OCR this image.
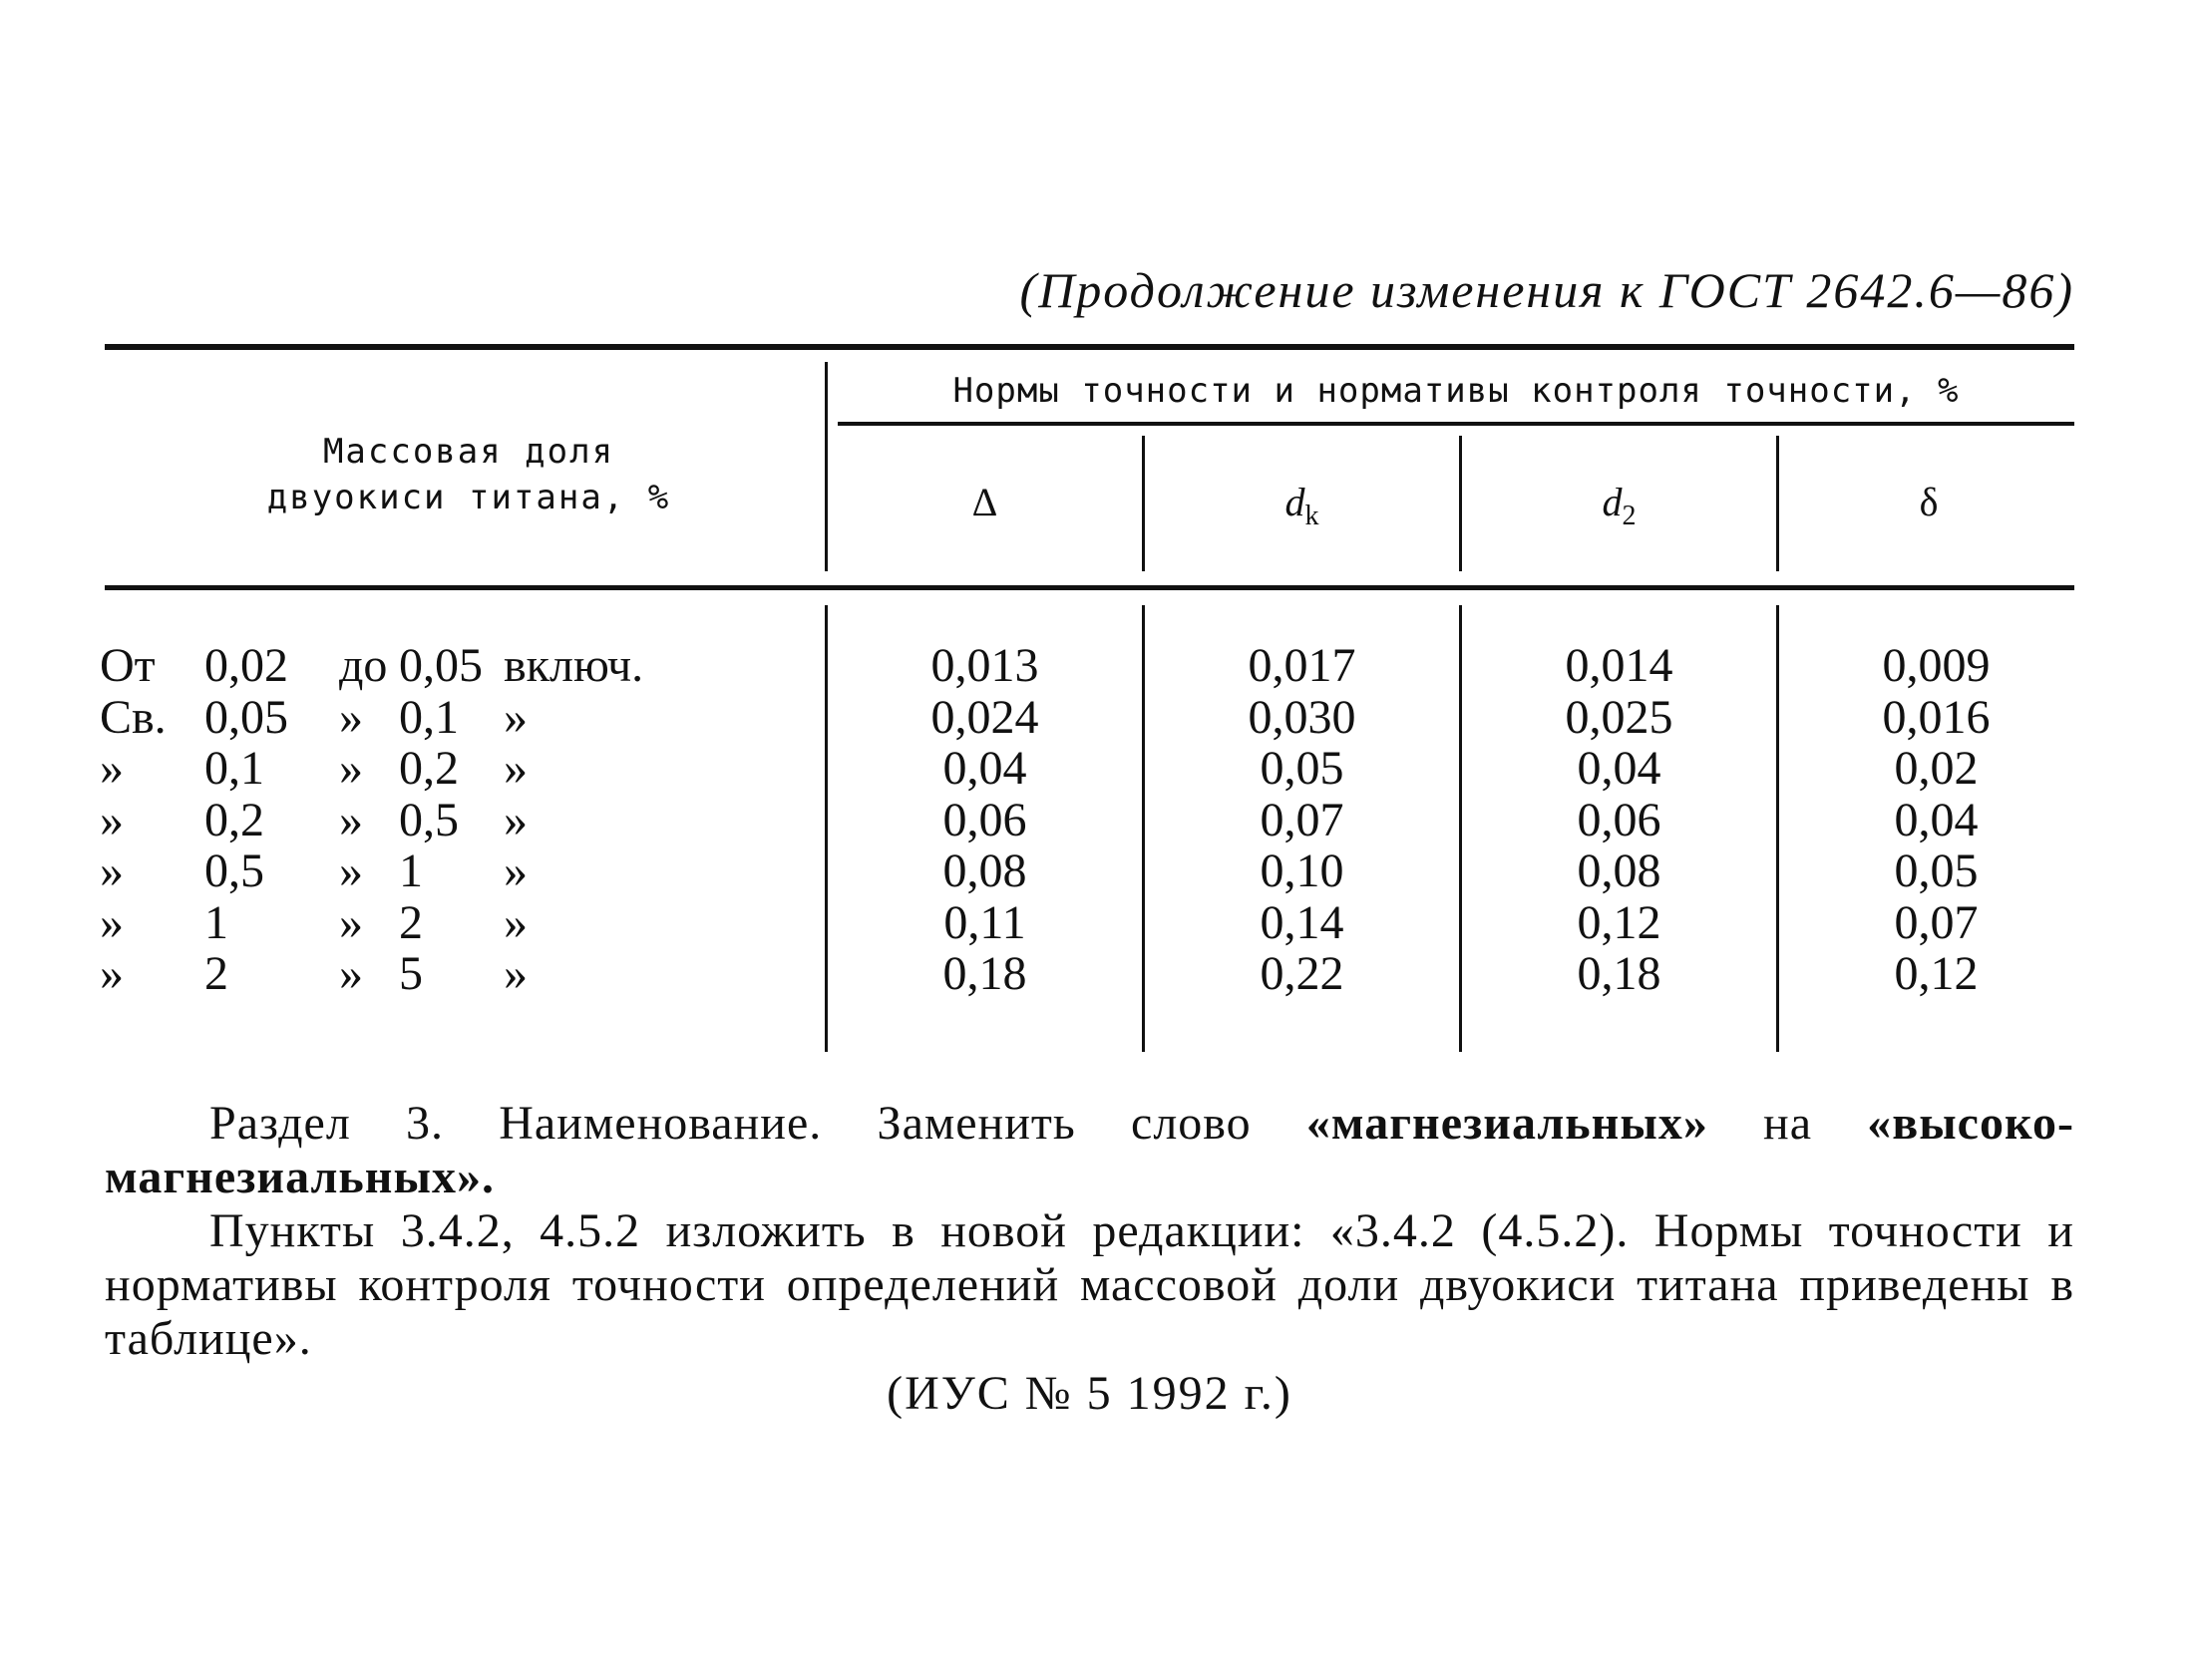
(Продолжение изменения к ГОСТ 2642.6—86)
Массовая доля двуокиси титана, %
Нормы точности и нормативы контроля точности, %
Δ	$d_k$	$d_2$	δ
От 0,02 до 0,05 включ.	0,013	0,017	0,014	0,009
Св. 0,05 » 0,1 »	0,024	0,030	0,025	0,016
» 0,1 » 0,2 »	0,04	0,05	0,04	0,02
» 0,2 » 0,5 »	0,06	0,07	0,06	0,04
» 0,5 » 1 »	0,08	0,10	0,08	0,05
» 1 » 2 »	0,11	0,14	0,12	0,07
» 2 » 5 »	0,18	0,22	0,18	0,12
Раздел 3. Наименование. Заменить слово «магнезиальных» на «высоко-магнезиальных».
Пункты 3.4.2, 4.5.2 изложить в новой редакции: «3.4.2 (4.5.2). Нормы точности и нормативы контроля точности определений массовой доли двуокиси титана приведены в таблице».
(ИУС № 5 1992 г.)
